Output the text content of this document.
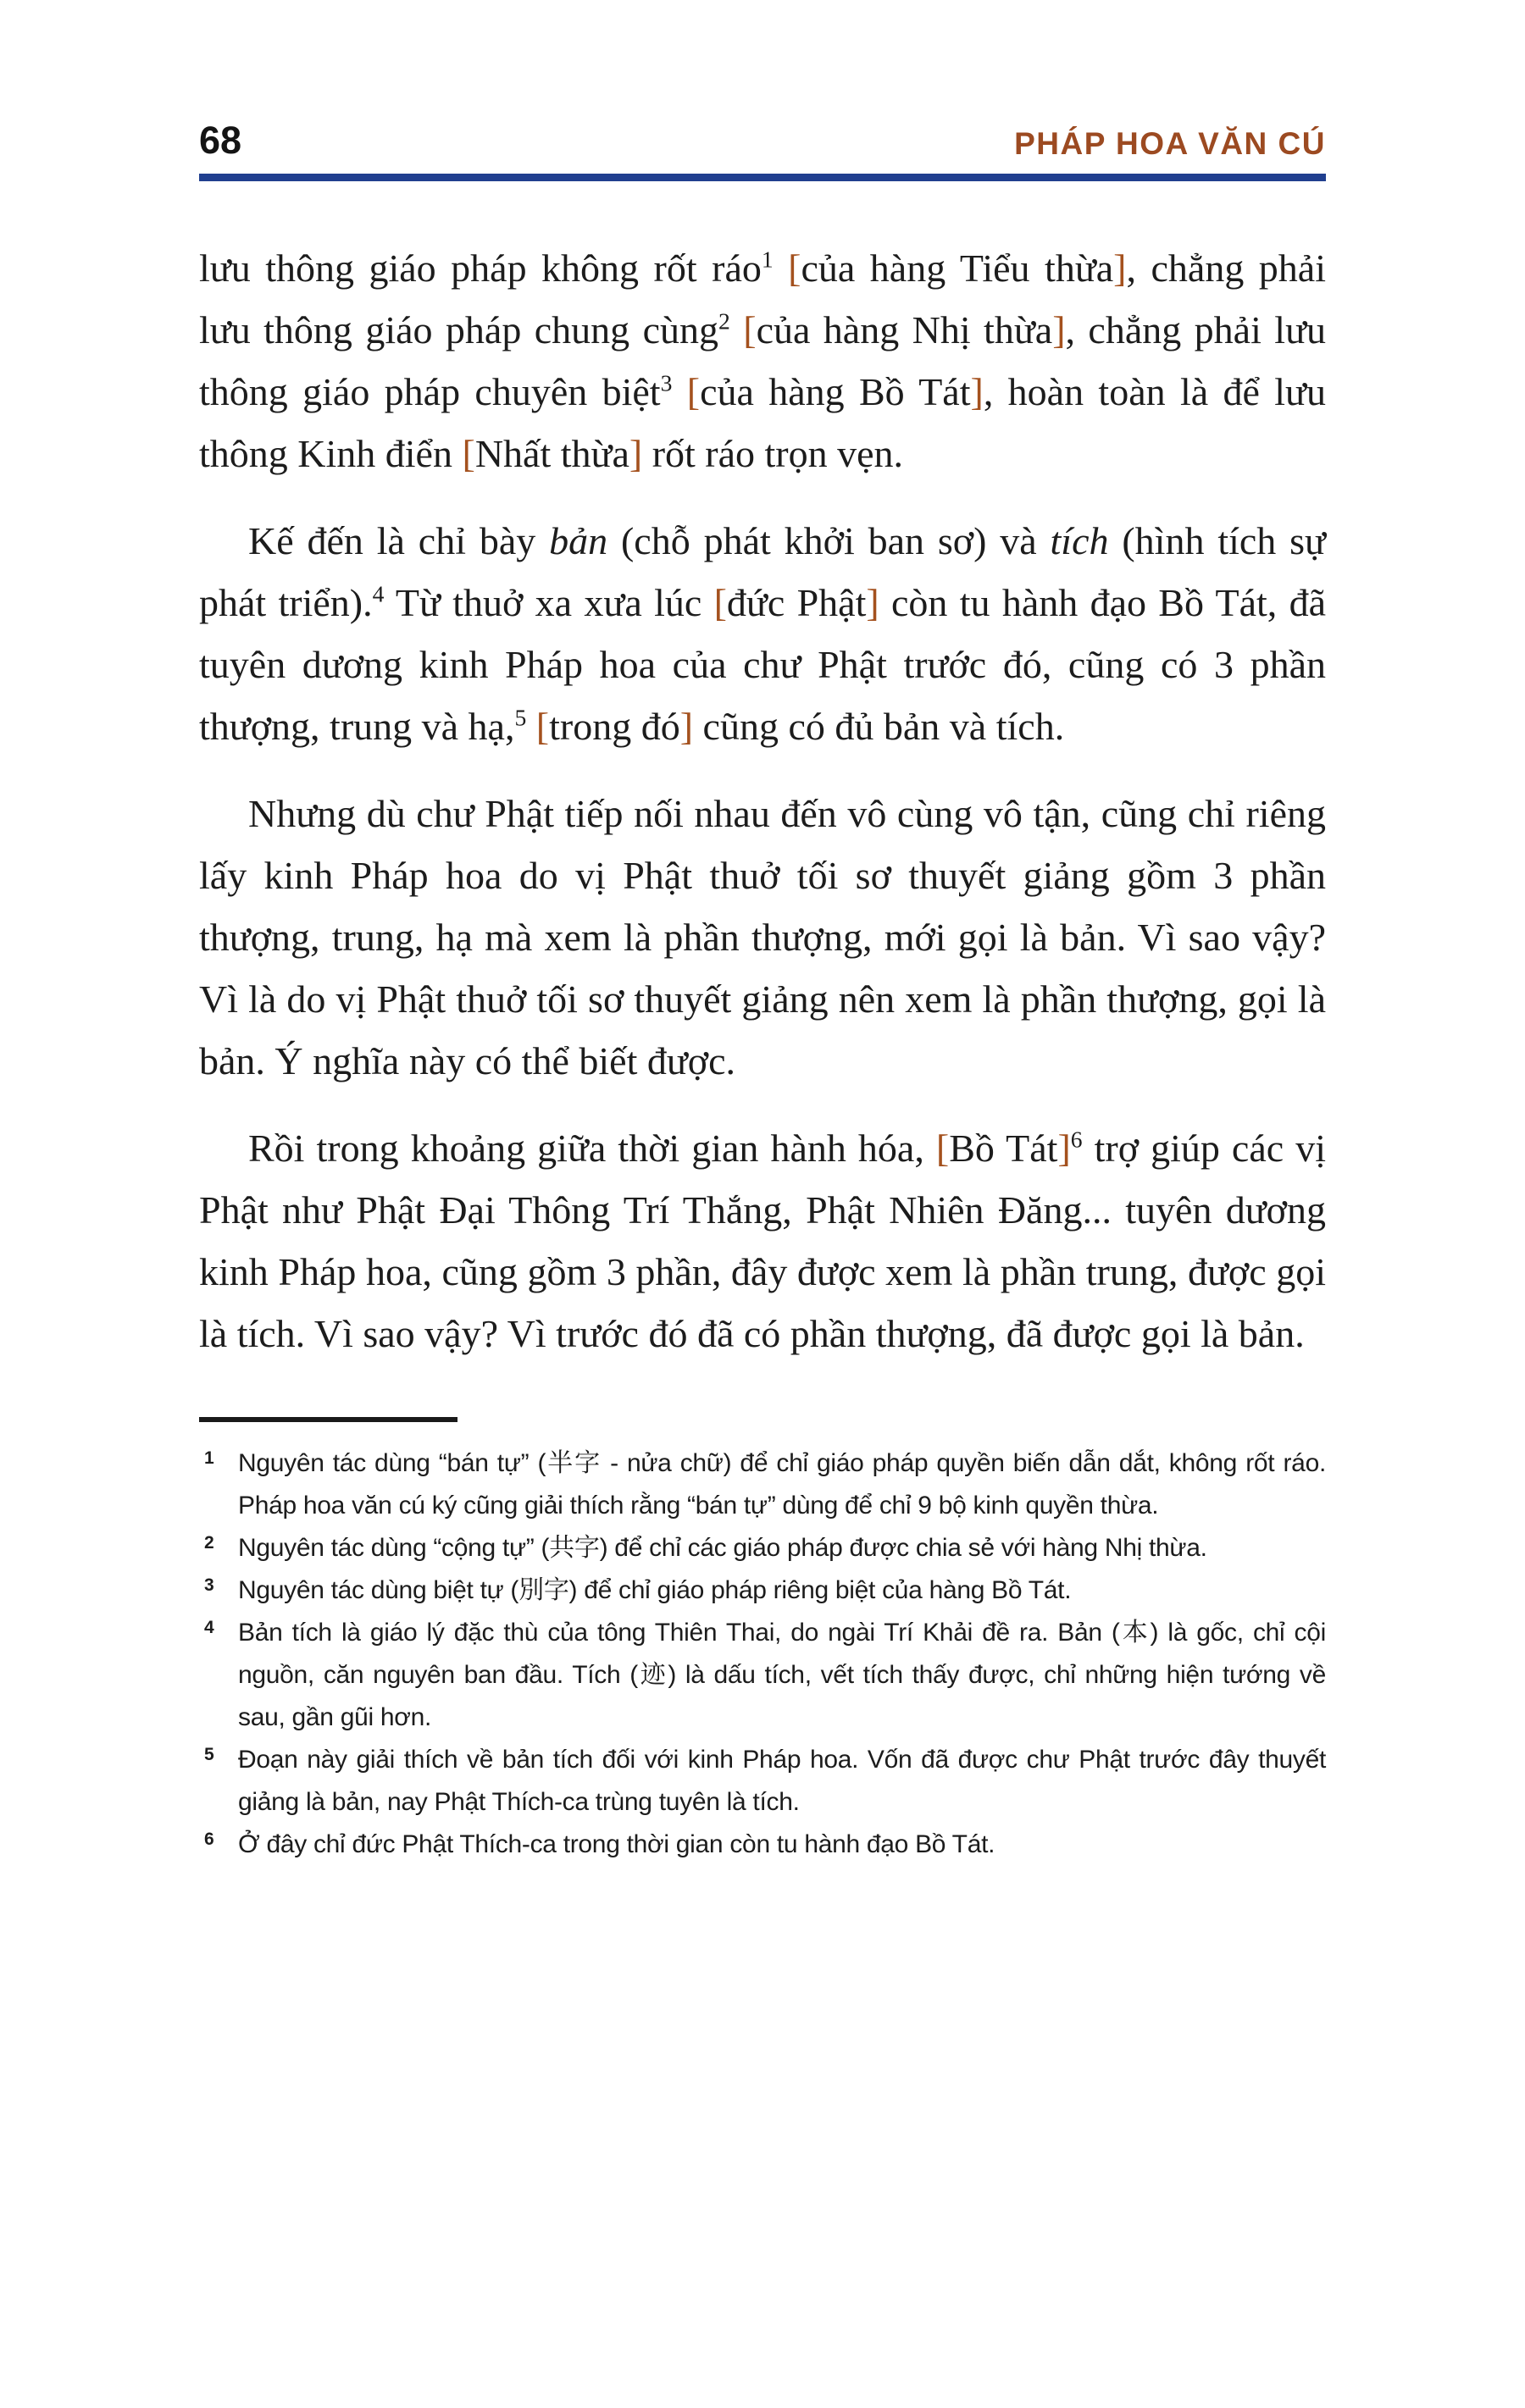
68	PHÁP HOA VĂN CÚ

lưu thông giáo pháp không rốt ráo$^1$ [của hàng Tiểu thừa], chẳng phải lưu thông giáo pháp chung cùng$^2$ [của hàng Nhị thừa], chẳng phải lưu thông giáo pháp chuyên biệt$^3$ [của hàng Bồ Tát], hoàn toàn là để lưu thông Kinh điển [Nhất thừa] rốt ráo trọn vẹn.

Kế đến là chỉ bày bản (chỗ phát khởi ban sơ) và tích (hình tích sự phát triển).$^4$ Từ thuở xa xưa lúc [đức Phật] còn tu hành đạo Bồ Tát, đã tuyên dương kinh Pháp hoa của chư Phật trước đó, cũng có 3 phần thượng, trung và hạ,$^5$ [trong đó] cũng có đủ bản và tích.

Nhưng dù chư Phật tiếp nối nhau đến vô cùng vô tận, cũng chỉ riêng lấy kinh Pháp hoa do vị Phật thuở tối sơ thuyết giảng gồm 3 phần thượng, trung, hạ mà xem là phần thượng, mới gọi là bản. Vì sao vậy? Vì là do vị Phật thuở tối sơ thuyết giảng nên xem là phần thượng, gọi là bản. Ý nghĩa này có thể biết được.

Rồi trong khoảng giữa thời gian hành hóa, [Bồ Tát]$^6$ trợ giúp các vị Phật như Phật Đại Thông Trí Thắng, Phật Nhiên Đăng... tuyên dương kinh Pháp hoa, cũng gồm 3 phần, đây được xem là phần trung, được gọi là tích. Vì sao vậy? Vì trước đó đã có phần thượng, đã được gọi là bản.

1 Nguyên tác dùng “bán tự” (半字 - nửa chữ) để chỉ giáo pháp quyền biến dẫn dắt, không rốt ráo. Pháp hoa văn cú ký cũng giải thích rằng “bán tự” dùng để chỉ 9 bộ kinh quyền thừa.
2 Nguyên tác dùng “cộng tự” (共字) để chỉ các giáo pháp được chia sẻ với hàng Nhị thừa.
3 Nguyên tác dùng biệt tự (別字) để chỉ giáo pháp riêng biệt của hàng Bồ Tát.
4 Bản tích là giáo lý đặc thù của tông Thiên Thai, do ngài Trí Khải đề ra. Bản (本) là gốc, chỉ cội nguồn, căn nguyên ban đầu. Tích (迹) là dấu tích, vết tích thấy được, chỉ những hiện tướng về sau, gần gũi hơn.
5 Đoạn này giải thích về bản tích đối với kinh Pháp hoa. Vốn đã được chư Phật trước đây thuyết giảng là bản, nay Phật Thích-ca trùng tuyên là tích.
6 Ở đây chỉ đức Phật Thích-ca trong thời gian còn tu hành đạo Bồ Tát.
